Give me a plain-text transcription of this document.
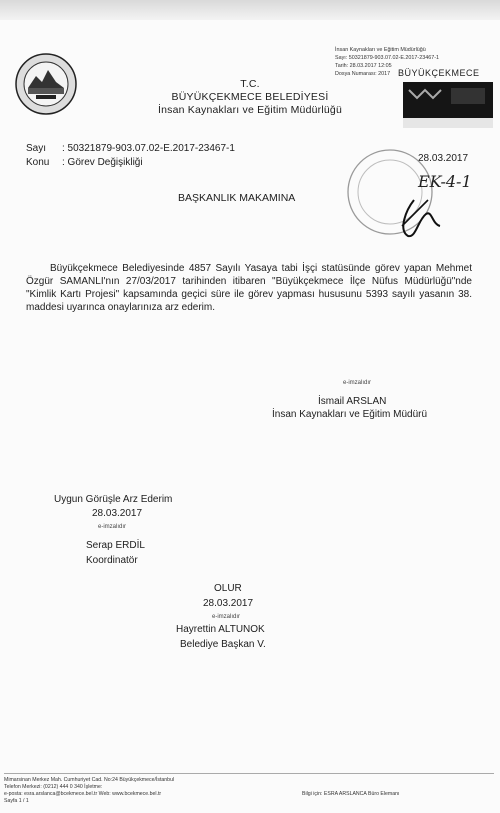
T.C.
BÜYÜKÇEKMECE BELEDİYESİ
İnsan Kaynakları ve Eğitim Müdürlüğü
İnsan Kaynakları ve Eğitim Müdürlüğü
Sayı: 50321879-903.07.02-E.2017-23467-1
Tarih: 28.03.2017 12:05
Dosya Numarası: 2017 BÜYÜKÇEKMECE
Sayı : 50321879-903.07.02-E.2017-23467-1
Konu : Görev Değişikliği	28.03.2017
EK-4-1
BAŞKANLIK MAKAMINA

Büyükçekmece Belediyesinde 4857 Sayılı Yasaya tabi İşçi statüsünde görev yapan Mehmet Özgür SAMANLI'nın 27/03/2017 tarihinden itibaren "Büyükçekmece İlçe Nüfus Müdürlüğü"nde "Kimlik Kartı Projesi" kapsamında geçici süre ile görev yapması hususunu 5393 sayılı yasanın 38. maddesi uyarınca onaylarınıza arz ederim.

e-imzalıdır
İsmail ARSLAN
İnsan Kaynakları ve Eğitim Müdürü
Uygun Görüşle Arz Ederim
28.03.2017
e-imzalıdır
Serap ERDİL
Koordinatör
OLUR
28.03.2017
e-imzalıdır
Hayrettin ALTUNOK
Belediye Başkan V.
Mimarsinan Merkez Mah. Cumhuriyet Cad. No:24 Büyükçekmece/İstanbul
Telefon Merkezi: (0212) 444 0 340 İşletme:
e-posta: esra.arslanca@bcekmece.bel.tr Web: www.bcekmece.bel.tr
Sayfa 1 / 1
Bilgi için: ESRA ARSLANCA Büro Elemanı
